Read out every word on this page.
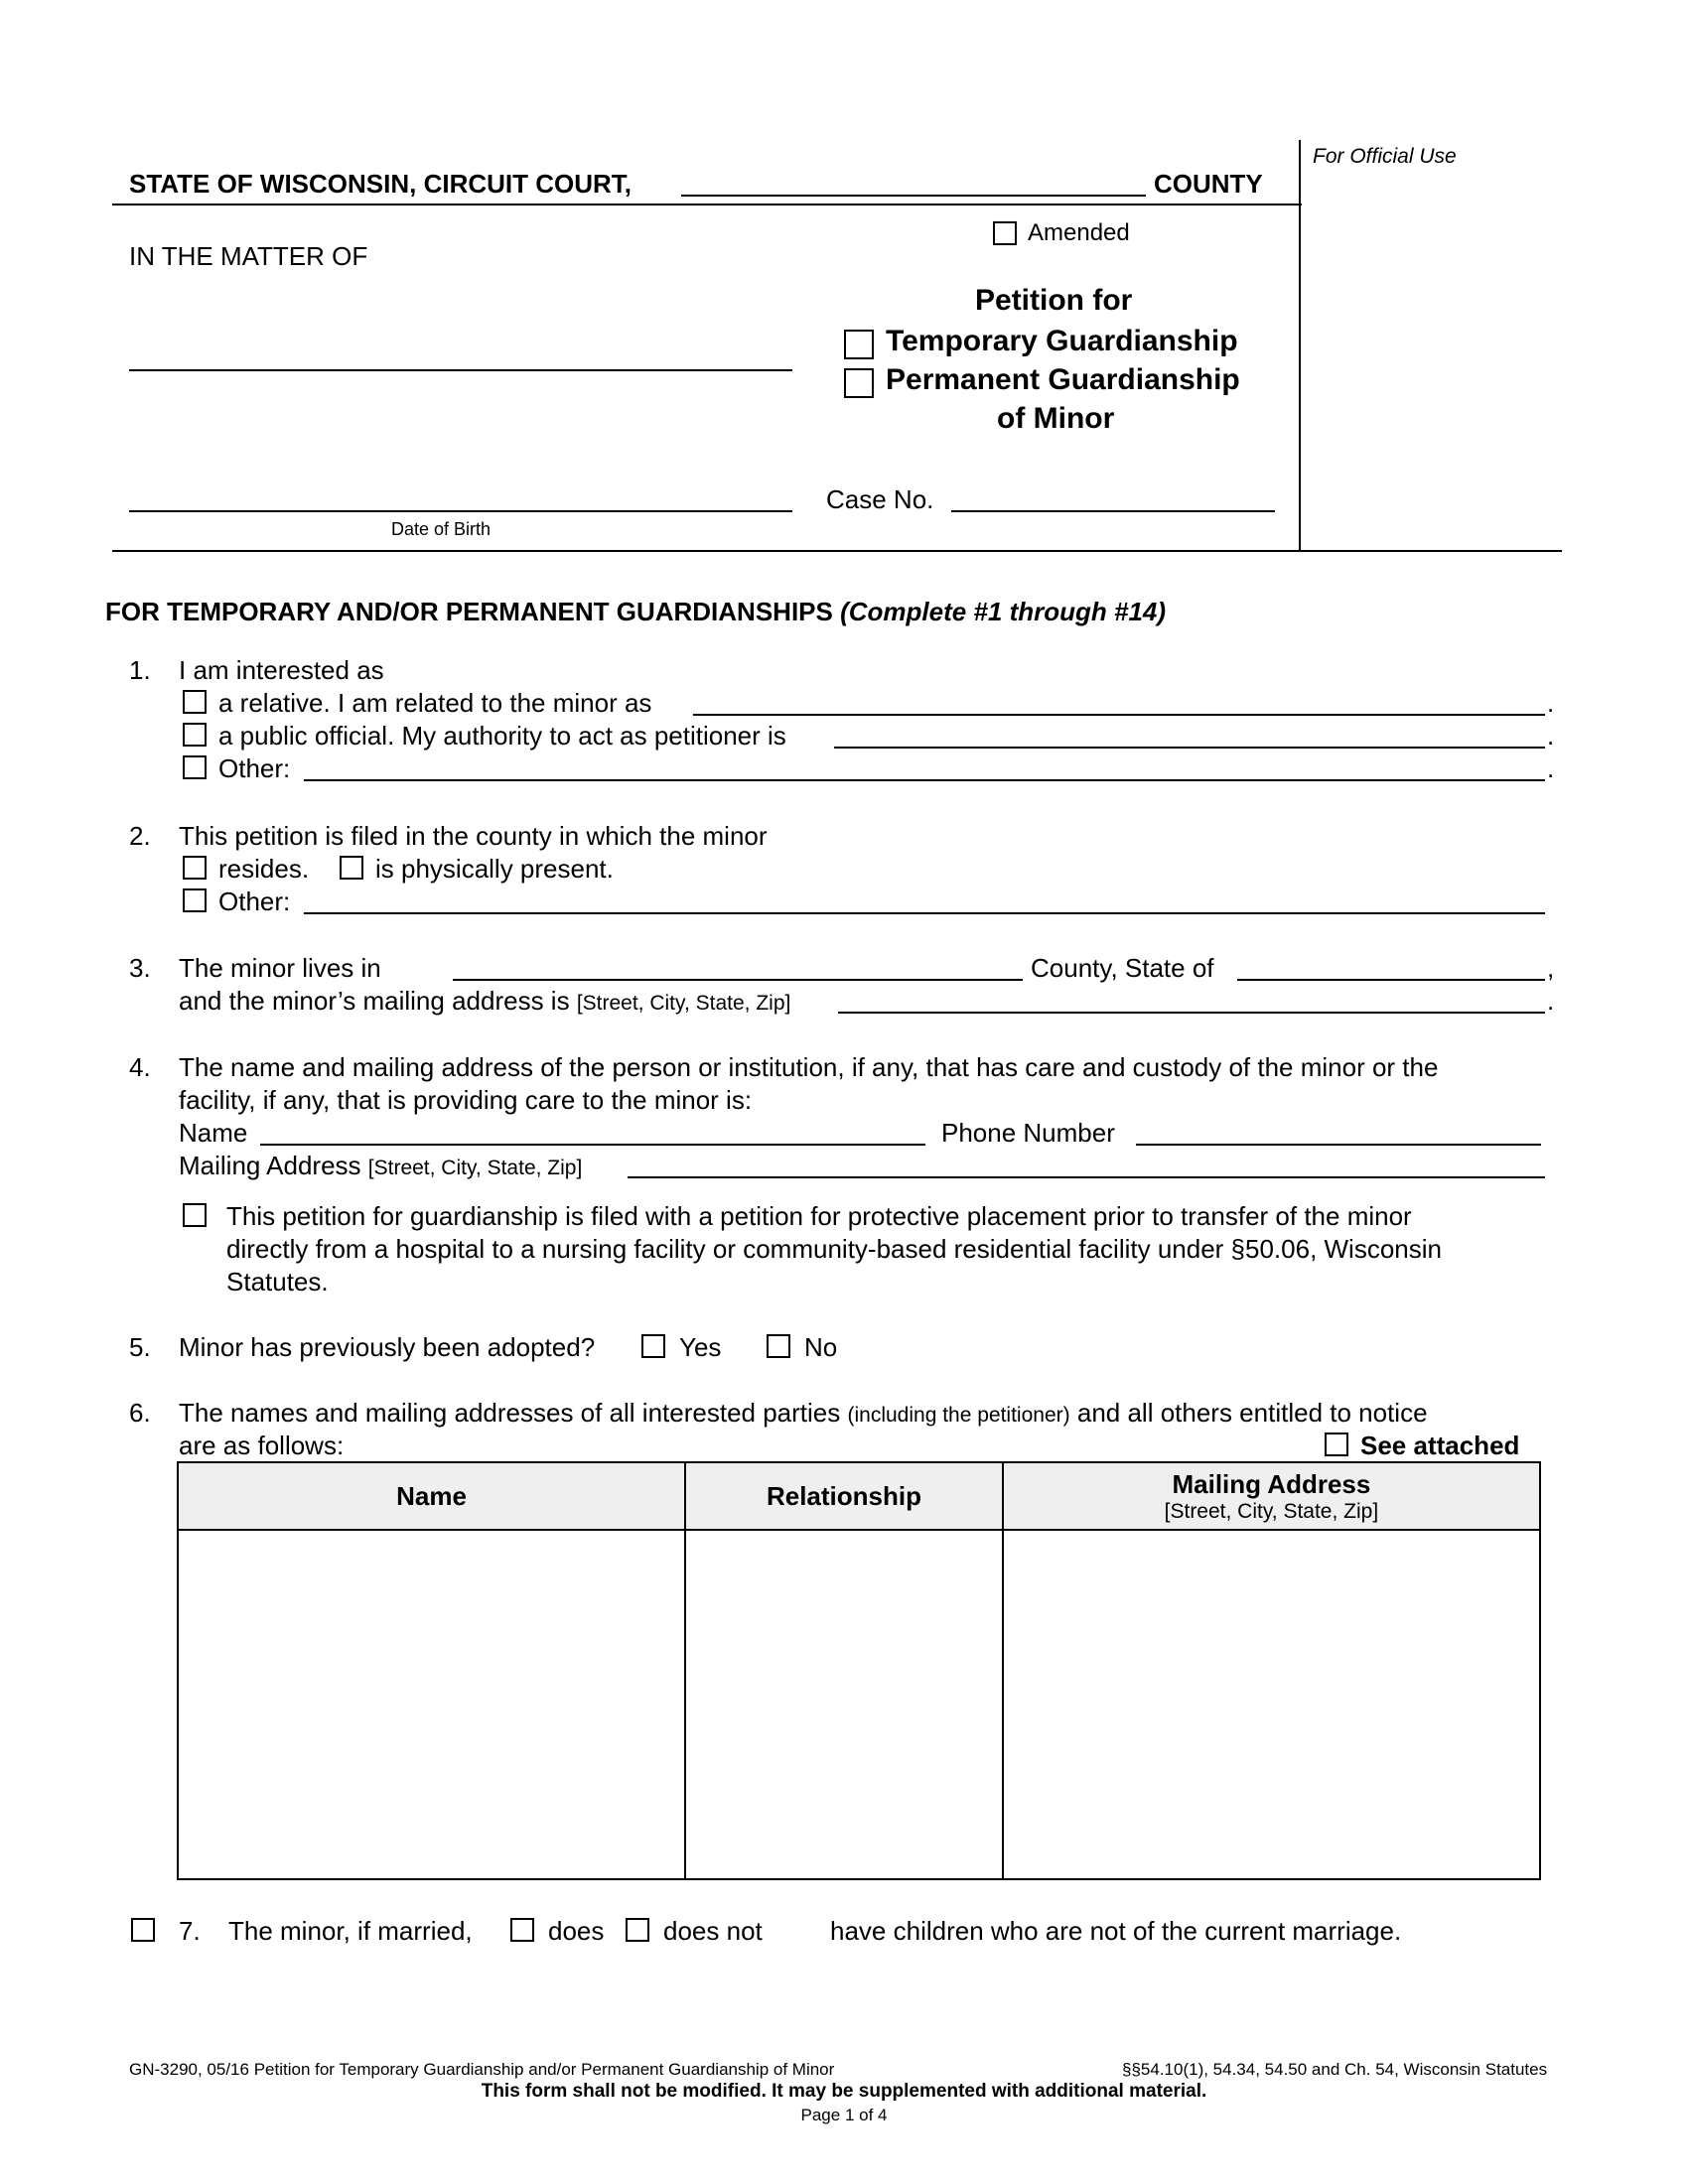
STATE OF WISCONSIN, CIRCUIT COURT,	COUNTY
For Official Use
IN THE MATTER OF
Date of Birth
Amended
Petition for
Temporary Guardianship
Permanent Guardianship
of Minor
Case No.
FOR TEMPORARY AND/OR PERMANENT GUARDIANSHIPS (Complete #1 through #14)
1. I am interested as
a relative. I am related to the minor as	.
a public official. My authority to act as petitioner is	.
Other:	.
2. This petition is filed in the county in which the minor
resides.	is physically present.
Other:
3. The minor lives in	County, State of	,
and the minor’s mailing address is [Street, City, State, Zip]	.
4. The name and mailing address of the person or institution, if any, that has care and custody of the minor or the
facility, if any, that is providing care to the minor is:
Name	Phone Number
Mailing Address [Street, City, State, Zip]
This petition for guardianship is filed with a petition for protective placement prior to transfer of the minor
directly from a hospital to a nursing facility or community-based residential facility under §50.06, Wisconsin
Statutes.
5. Minor has previously been adopted?	Yes	No
6. The names and mailing addresses of all interested parties (including the petitioner) and all others entitled to notice
are as follows:	See attached
Name	Relationship	Mailing Address
[Street, City, State, Zip]

7. The minor, if married,	does does not	have children who are not of the current marriage.
GN-3290, 05/16 Petition for Temporary Guardianship and/or Permanent Guardianship of Minor	§§54.10(1), 54.34, 54.50 and Ch. 54, Wisconsin Statutes
This form shall not be modified. It may be supplemented with additional material.
Page 1 of 4
